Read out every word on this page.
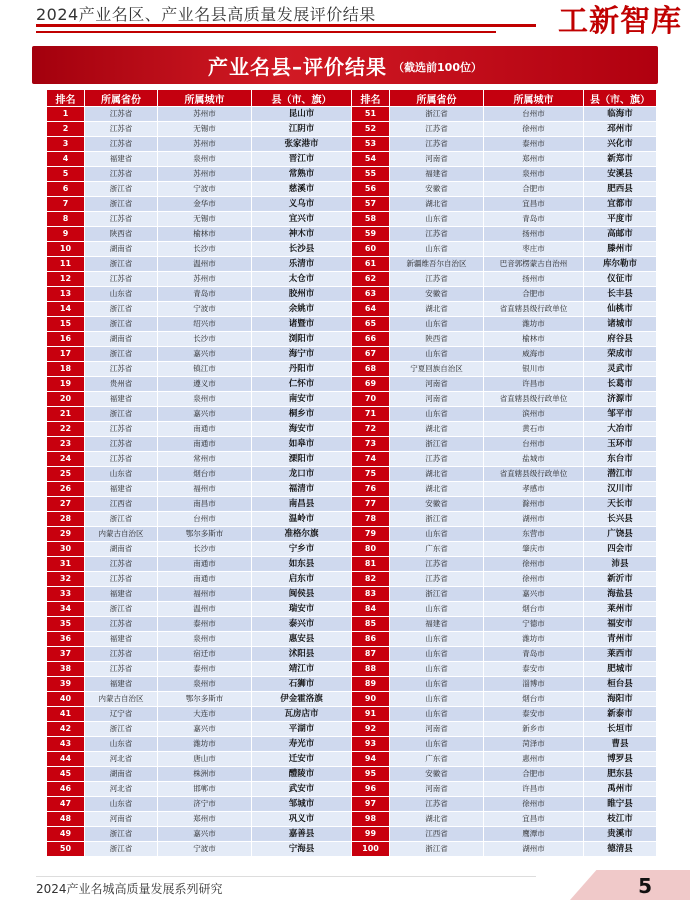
2024产业名区、产业名县高质量发展评价结果	工新智库
产业名县–评价结果 （截选前100位）
排名	所属省份	所属城市	县（市、旗）	排名	所属省份	所属城市	县（市、旗）
1	江苏省	苏州市	昆山市	51	浙江省	台州市	临海市
2	江苏省	无锡市	江阴市	52	江苏省	徐州市	邳州市
3	江苏省	苏州市	张家港市	53	江苏省	泰州市	兴化市
4	福建省	泉州市	晋江市	54	河南省	郑州市	新郑市
5	江苏省	苏州市	常熟市	55	福建省	泉州市	安溪县
6	浙江省	宁波市	慈溪市	56	安徽省	合肥市	肥西县
7	浙江省	金华市	义乌市	57	湖北省	宜昌市	宜都市
8	江苏省	无锡市	宜兴市	58	山东省	青岛市	平度市
9	陕西省	榆林市	神木市	59	江苏省	扬州市	高邮市
10	湖南省	长沙市	长沙县	60	山东省	枣庄市	滕州市
11	浙江省	温州市	乐清市	61	新疆维吾尔自治区	巴音郭楞蒙古自治州	库尔勒市
12	江苏省	苏州市	太仓市	62	江苏省	扬州市	仪征市
13	山东省	青岛市	胶州市	63	安徽省	合肥市	长丰县
14	浙江省	宁波市	余姚市	64	湖北省	省直辖县级行政单位	仙桃市
15	浙江省	绍兴市	诸暨市	65	山东省	潍坊市	诸城市
16	湖南省	长沙市	浏阳市	66	陕西省	榆林市	府谷县
17	浙江省	嘉兴市	海宁市	67	山东省	威海市	荣成市
18	江苏省	镇江市	丹阳市	68	宁夏回族自治区	银川市	灵武市
19	贵州省	遵义市	仁怀市	69	河南省	许昌市	长葛市
20	福建省	泉州市	南安市	70	河南省	省直辖县级行政单位	济源市
21	浙江省	嘉兴市	桐乡市	71	山东省	滨州市	邹平市
22	江苏省	南通市	海安市	72	湖北省	黄石市	大冶市
23	江苏省	南通市	如皋市	73	浙江省	台州市	玉环市
24	江苏省	常州市	溧阳市	74	江苏省	盐城市	东台市
25	山东省	烟台市	龙口市	75	湖北省	省直辖县级行政单位	潜江市
26	福建省	福州市	福清市	76	湖北省	孝感市	汉川市
27	江西省	南昌市	南昌县	77	安徽省	滁州市	天长市
28	浙江省	台州市	温岭市	78	浙江省	湖州市	长兴县
29	内蒙古自治区	鄂尔多斯市	准格尔旗	79	山东省	东营市	广饶县
30	湖南省	长沙市	宁乡市	80	广东省	肇庆市	四会市
31	江苏省	南通市	如东县	81	江苏省	徐州市	沛县
32	江苏省	南通市	启东市	82	江苏省	徐州市	新沂市
33	福建省	福州市	闽侯县	83	浙江省	嘉兴市	海盐县
34	浙江省	温州市	瑞安市	84	山东省	烟台市	莱州市
35	江苏省	泰州市	泰兴市	85	福建省	宁德市	福安市
36	福建省	泉州市	惠安县	86	山东省	潍坊市	青州市
37	江苏省	宿迁市	沭阳县	87	山东省	青岛市	莱西市
38	江苏省	泰州市	靖江市	88	山东省	泰安市	肥城市
39	福建省	泉州市	石狮市	89	山东省	淄博市	桓台县
40	内蒙古自治区	鄂尔多斯市	伊金霍洛旗	90	山东省	烟台市	海阳市
41	辽宁省	大连市	瓦房店市	91	山东省	泰安市	新泰市
42	浙江省	嘉兴市	平湖市	92	河南省	新乡市	长垣市
43	山东省	潍坊市	寿光市	93	山东省	菏泽市	曹县
44	河北省	唐山市	迁安市	94	广东省	惠州市	博罗县
45	湖南省	株洲市	醴陵市	95	安徽省	合肥市	肥东县
46	河北省	邯郸市	武安市	96	河南省	许昌市	禹州市
47	山东省	济宁市	邹城市	97	江苏省	徐州市	睢宁县
48	河南省	郑州市	巩义市	98	湖北省	宜昌市	枝江市
49	浙江省	嘉兴市	嘉善县	99	江西省	鹰潭市	贵溪市
50	浙江省	宁波市	宁海县	100	浙江省	湖州市	德清县
2024产业名城高质量发展系列研究	5
